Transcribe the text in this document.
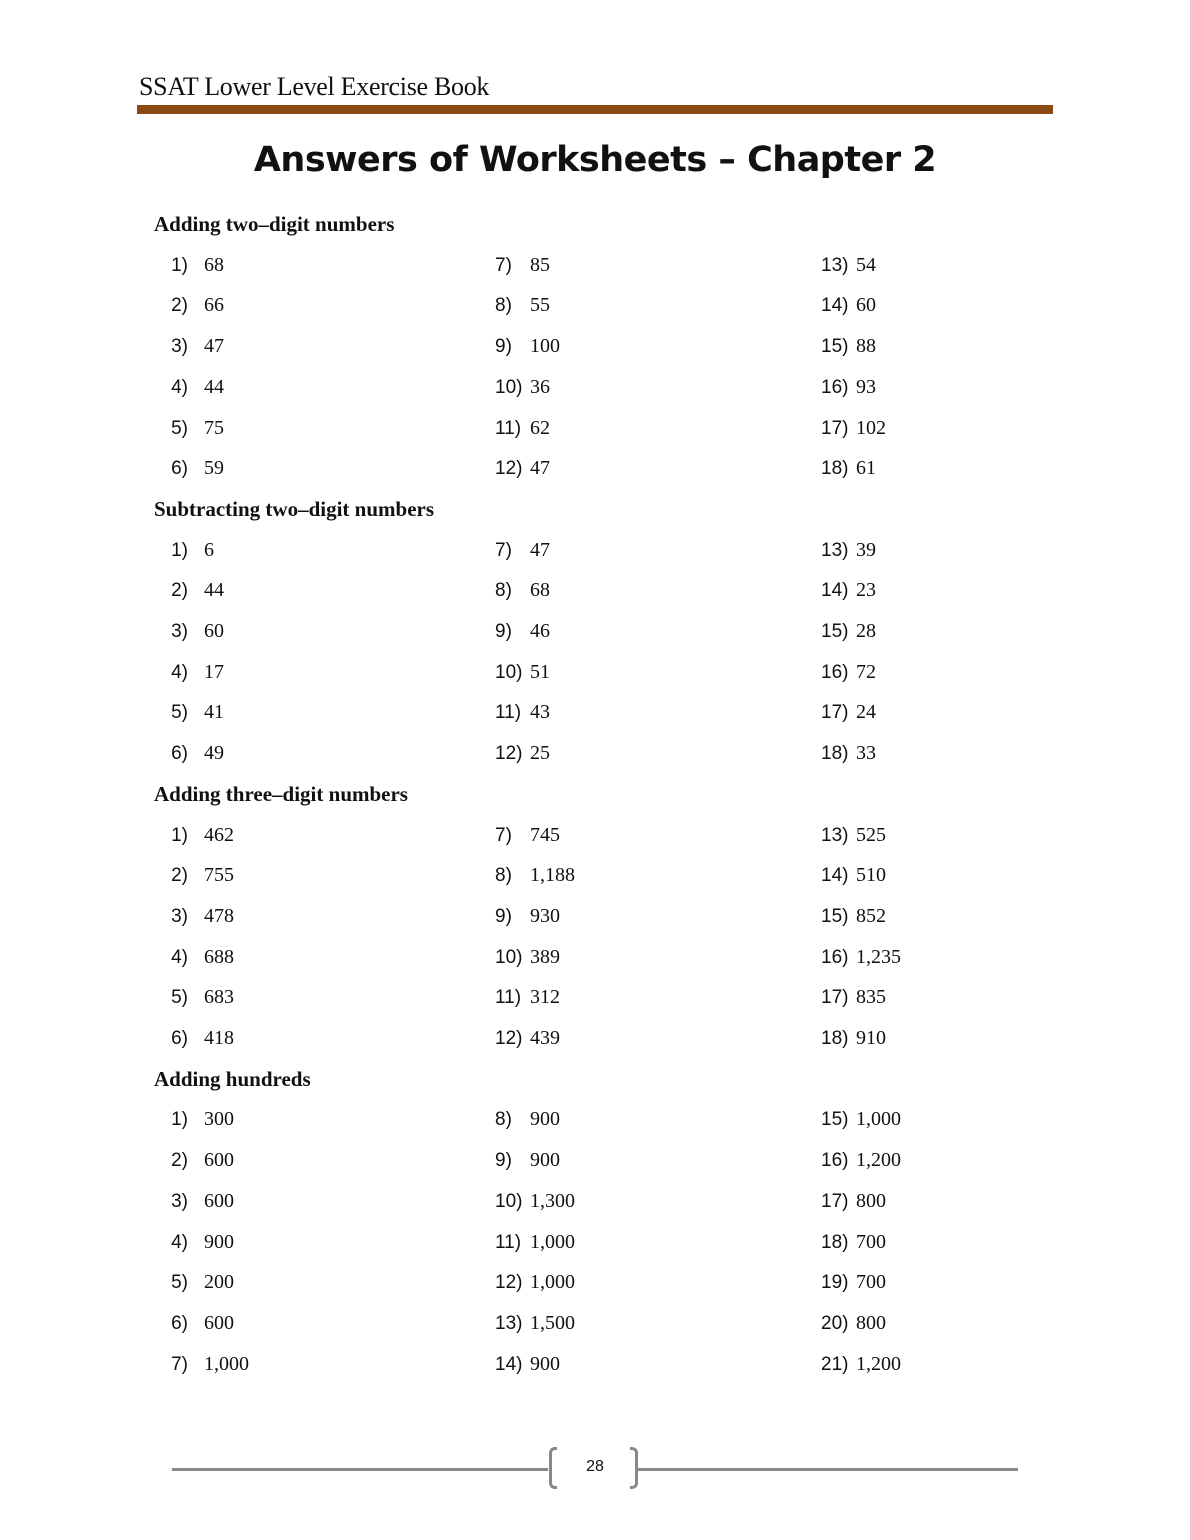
SSAT Lower Level Exercise Book
Answers of Worksheets – Chapter 2
Adding two–digit numbers
1) 68
2) 66
3) 47
4) 44
5) 75
6) 59
7) 85
8) 55
9) 100
10) 36
11) 62
12) 47
13) 54
14) 60
15) 88
16) 93
17) 102
18) 61
Subtracting two–digit numbers
1) 6
2) 44
3) 60
4) 17
5) 41
6) 49
7) 47
8) 68
9) 46
10) 51
11) 43
12) 25
13) 39
14) 23
15) 28
16) 72
17) 24
18) 33
Adding three–digit numbers
1) 462
2) 755
3) 478
4) 688
5) 683
6) 418
7) 745
8) 1,188
9) 930
10) 389
11) 312
12) 439
13) 525
14) 510
15) 852
16) 1,235
17) 835
18) 910
Adding hundreds
1) 300
2) 600
3) 600
4) 900
5) 200
6) 600
7) 1,000
8) 900
9) 900
10) 1,300
11) 1,000
12) 1,000
13) 1,500
14) 900
15) 1,000
16) 1,200
17) 800
18) 700
19) 700
20) 800
21) 1,200
28
